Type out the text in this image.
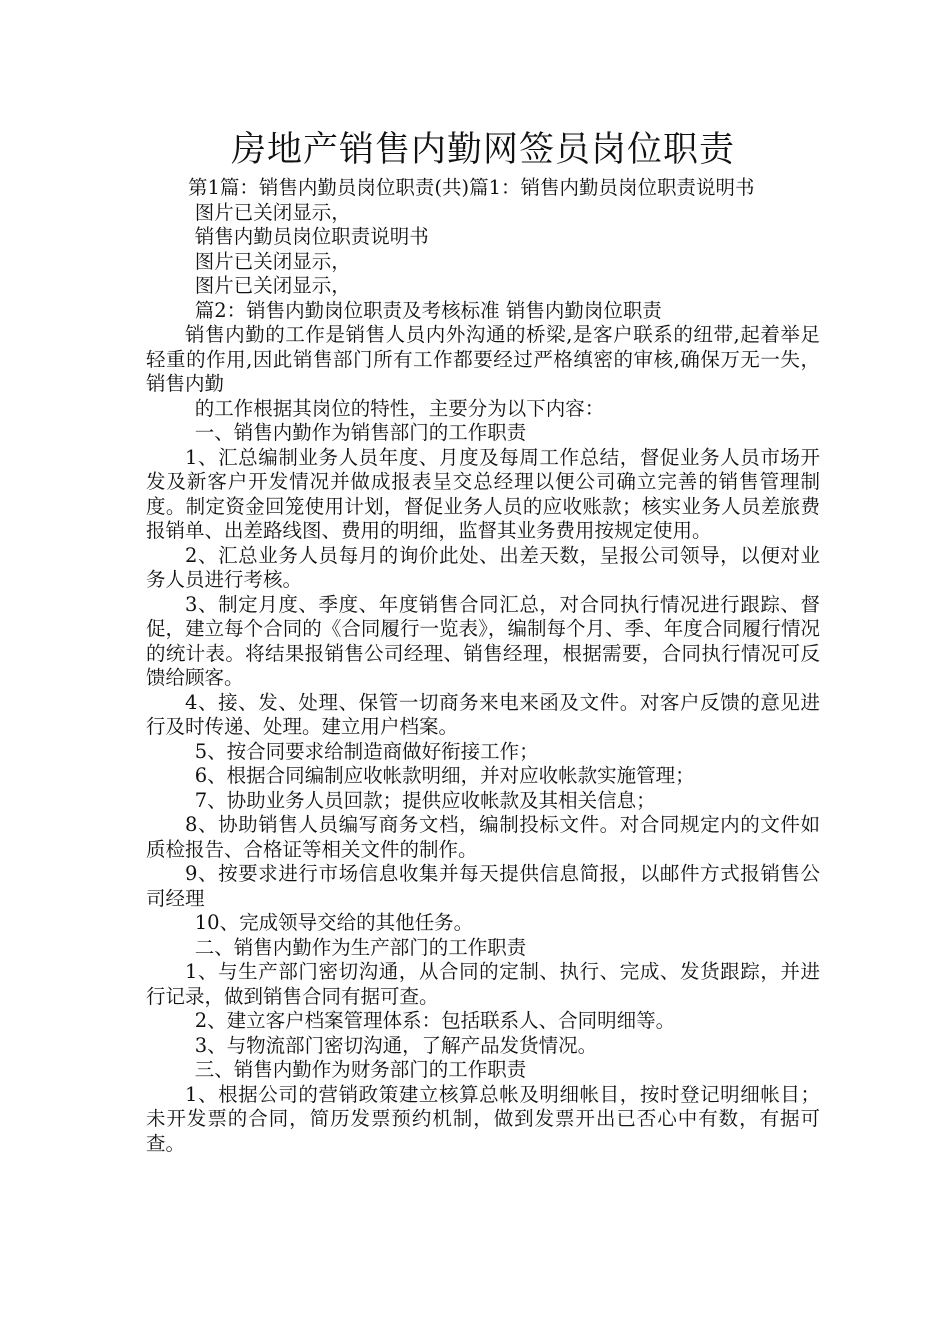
房地产销售内勤网签员岗位职责

第1篇：销售内勤员岗位职责(共)篇1：销售内勤员岗位职责说明书

图片已关闭显示，

销售内勤员岗位职责说明书

图片已关闭显示，

图片已关闭显示，

篇2：销售内勤岗位职责及考核标准 销售内勤岗位职责

销售内勤的工作是销售人员内外沟通的桥梁,是客户联系的纽带,起着举足轻重的作用,因此销售部门所有工作都要经过严格缜密的审核,确保万无一失，销售内勤

的工作根据其岗位的特性，主要分为以下内容：

一、销售内勤作为销售部门的工作职责

1、汇总编制业务人员年度、月度及每周工作总结，督促业务人员市场开发及新客户开发情况并做成报表呈交总经理以便公司确立完善的销售管理制度。制定资金回笼使用计划，督促业务人员的应收账款；核实业务人员差旅费报销单、出差路线图、费用的明细，监督其业务费用按规定使用。

2、汇总业务人员每月的询价此处、出差天数，呈报公司领导，以便对业务人员进行考核。

3、制定月度、季度、年度销售合同汇总，对合同执行情况进行跟踪、督促，建立每个合同的《合同履行一览表》，编制每个月、季、年度合同履行情况的统计表。将结果报销售公司经理、销售经理，根据需要，合同执行情况可反馈给顾客。

4、接、发、处理、保管一切商务来电来函及文件。对客户反馈的意见进行及时传递、处理。建立用户档案。

5、按合同要求给制造商做好衔接工作；

6、根据合同编制应收帐款明细，并对应收帐款实施管理；

7、协助业务人员回款；提供应收帐款及其相关信息；

8、协助销售人员编写商务文档，编制投标文件。对合同规定内的文件如质检报告、合格证等相关文件的制作。

9、按要求进行市场信息收集并每天提供信息简报，以邮件方式报销售公司经理

10、完成领导交给的其他任务。

二、销售内勤作为生产部门的工作职责

1、与生产部门密切沟通，从合同的定制、执行、完成、发货跟踪，并进行记录，做到销售合同有据可查。

2、建立客户档案管理体系：包括联系人、合同明细等。

3、与物流部门密切沟通，了解产品发货情况。

三、销售内勤作为财务部门的工作职责

1、根据公司的营销政策建立核算总帐及明细帐目，按时登记明细帐目；未开发票的合同，简历发票预约机制，做到发票开出已否心中有数，有据可查。
